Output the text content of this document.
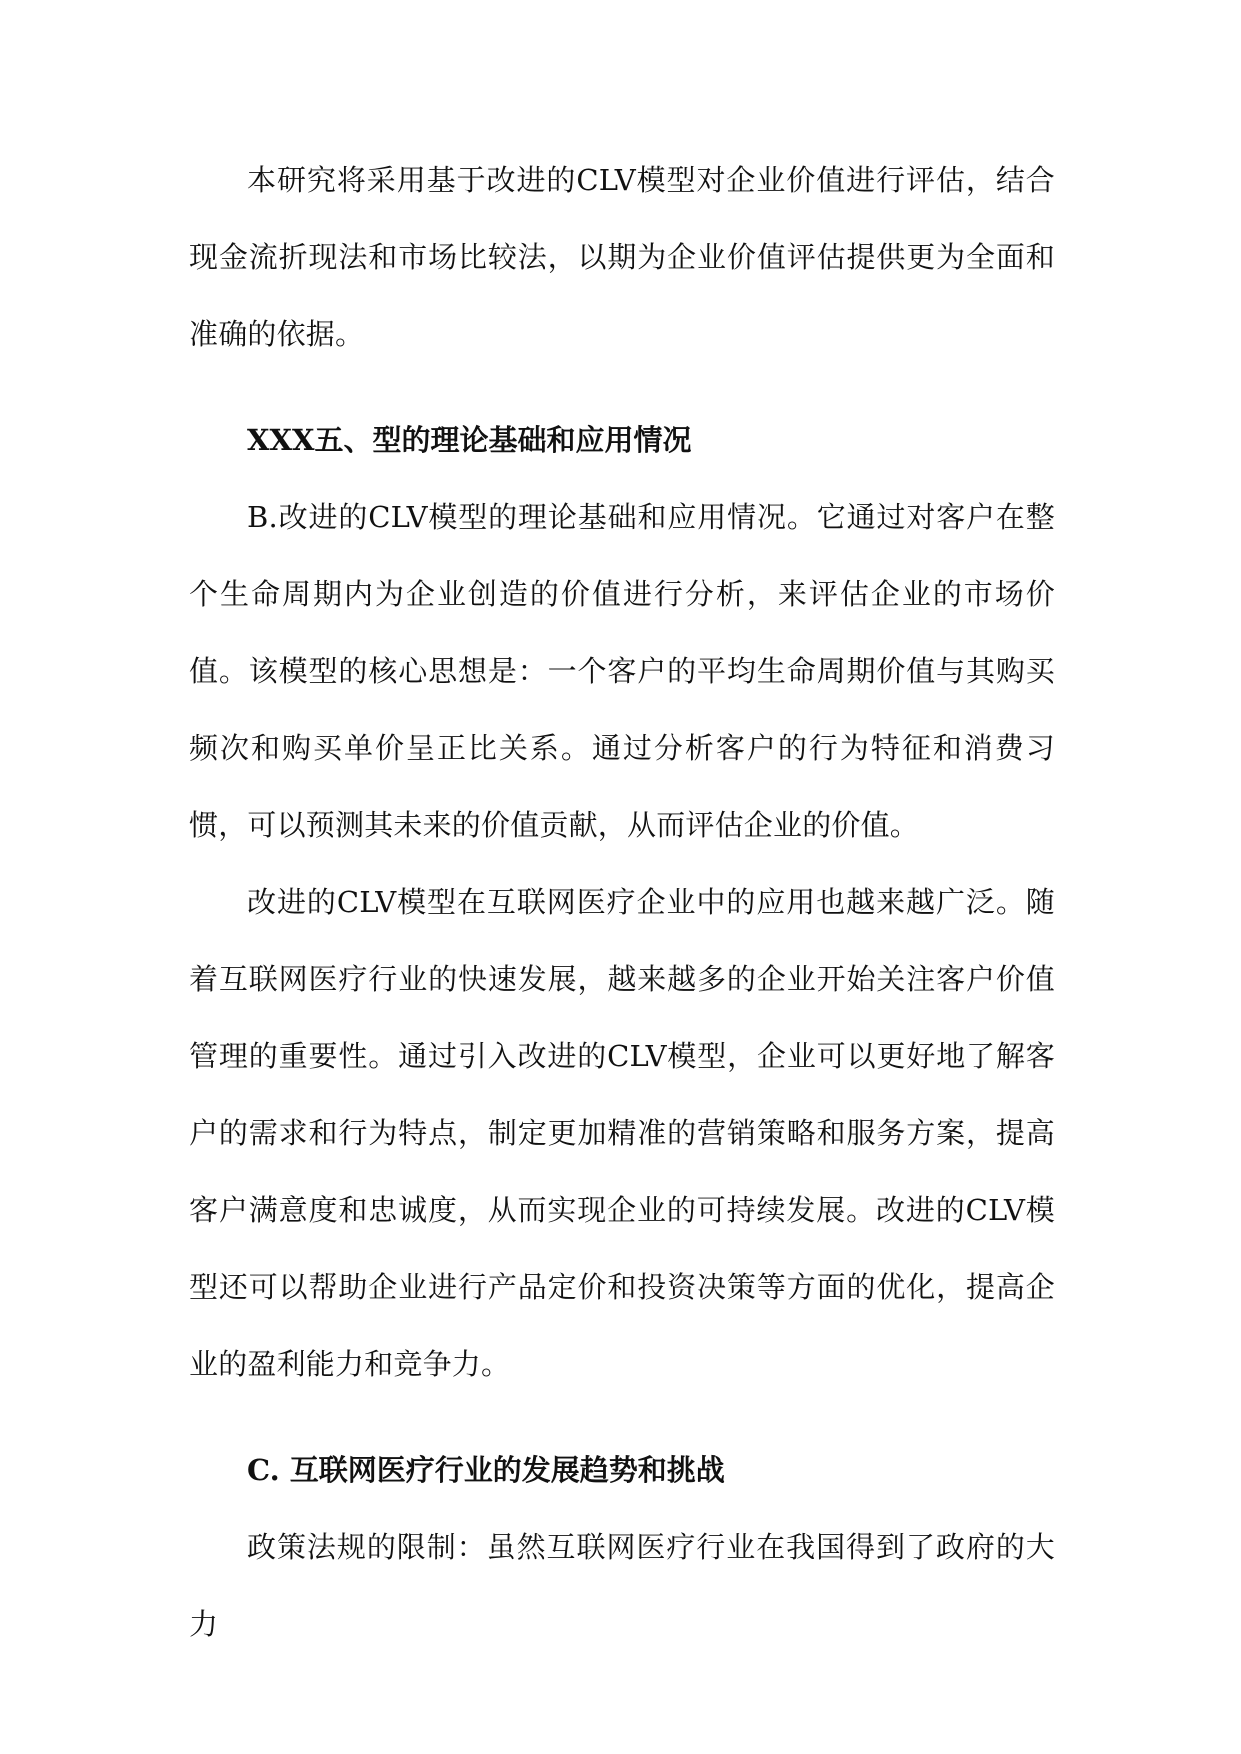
本研究将采用基于改进的CLV模型对企业价值进行评估，结合现金流折现法和市场比较法，以期为企业价值评估提供更为全面和准确的依据。

XXX五、型的理论基础和应用情况

B.改进的CLV模型的理论基础和应用情况。它通过对客户在整个生命周期内为企业创造的价值进行分析，来评估企业的市场价值。该模型的核心思想是：一个客户的平均生命周期价值与其购买频次和购买单价呈正比关系。通过分析客户的行为特征和消费习惯，可以预测其未来的价值贡献，从而评估企业的价值。

改进的CLV模型在互联网医疗企业中的应用也越来越广泛。随着互联网医疗行业的快速发展，越来越多的企业开始关注客户价值管理的重要性。通过引入改进的CLV模型，企业可以更好地了解客户的需求和行为特点，制定更加精准的营销策略和服务方案，提高客户满意度和忠诚度，从而实现企业的可持续发展。改进的CLV模型还可以帮助企业进行产品定价和投资决策等方面的优化，提高企业的盈利能力和竞争力。

C. 互联网医疗行业的发展趋势和挑战

政策法规的限制：虽然互联网医疗行业在我国得到了政府的大力
